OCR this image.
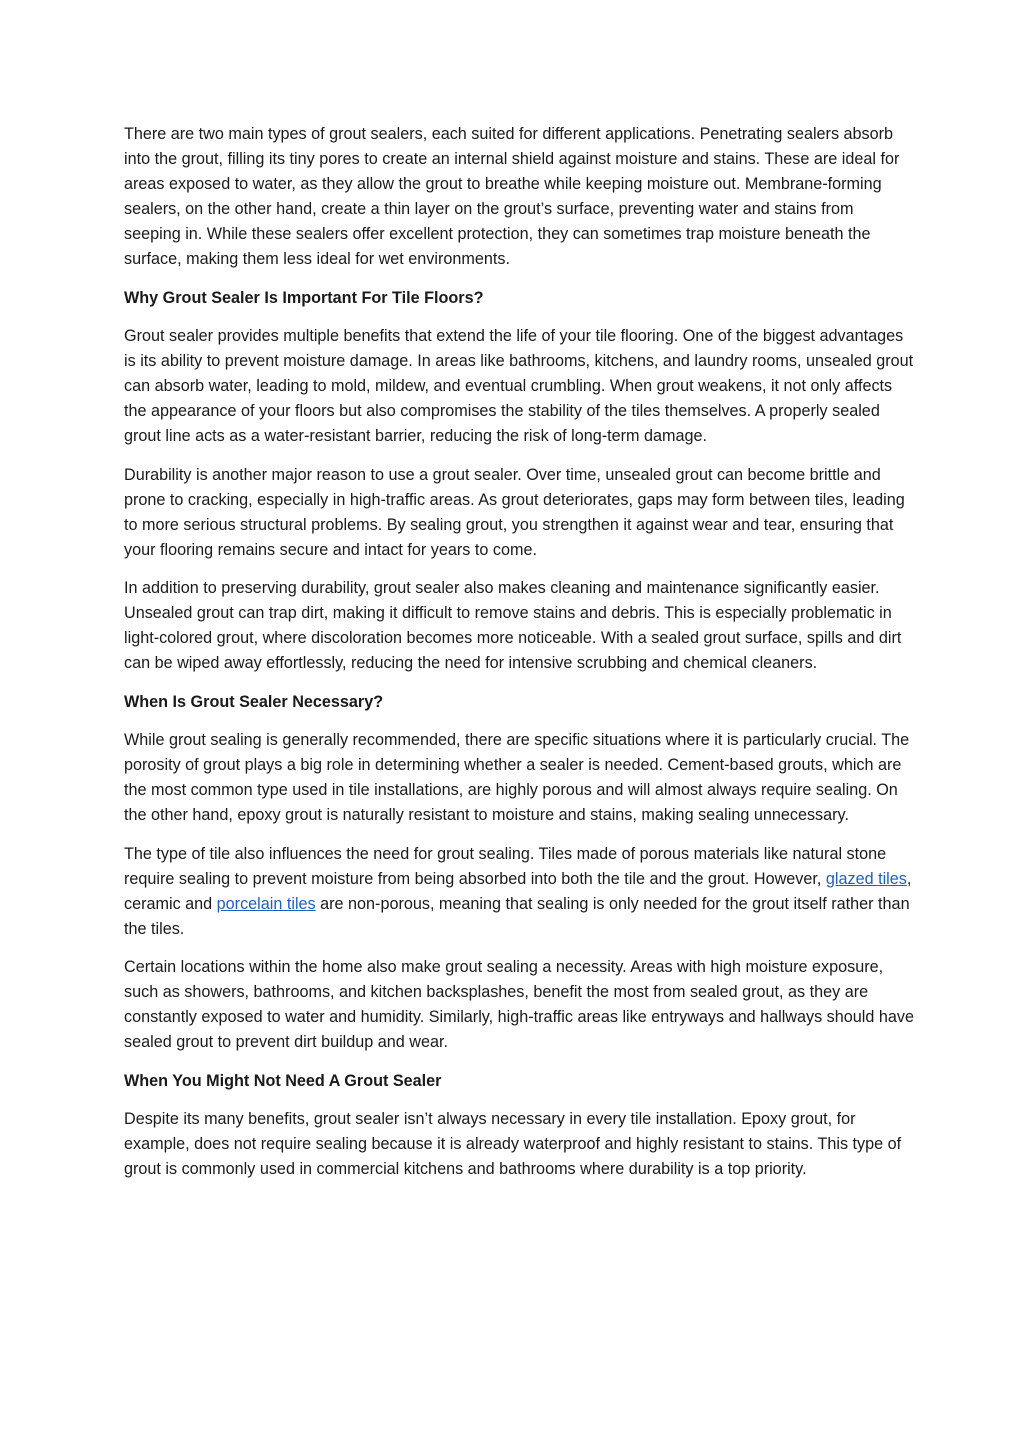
There are two main types of grout sealers, each suited for different applications. Penetrating sealers absorb into the grout, filling its tiny pores to create an internal shield against moisture and stains. These are ideal for areas exposed to water, as they allow the grout to breathe while keeping moisture out. Membrane-forming sealers, on the other hand, create a thin layer on the grout’s surface, preventing water and stains from seeping in. While these sealers offer excellent protection, they can sometimes trap moisture beneath the surface, making them less ideal for wet environments.

Why Grout Sealer Is Important For Tile Floors?

Grout sealer provides multiple benefits that extend the life of your tile flooring. One of the biggest advantages is its ability to prevent moisture damage. In areas like bathrooms, kitchens, and laundry rooms, unsealed grout can absorb water, leading to mold, mildew, and eventual crumbling. When grout weakens, it not only affects the appearance of your floors but also compromises the stability of the tiles themselves. A properly sealed grout line acts as a water-resistant barrier, reducing the risk of long-term damage.

Durability is another major reason to use a grout sealer. Over time, unsealed grout can become brittle and prone to cracking, especially in high-traffic areas. As grout deteriorates, gaps may form between tiles, leading to more serious structural problems. By sealing grout, you strengthen it against wear and tear, ensuring that your flooring remains secure and intact for years to come.

In addition to preserving durability, grout sealer also makes cleaning and maintenance significantly easier. Unsealed grout can trap dirt, making it difficult to remove stains and debris. This is especially problematic in light-colored grout, where discoloration becomes more noticeable. With a sealed grout surface, spills and dirt can be wiped away effortlessly, reducing the need for intensive scrubbing and chemical cleaners.

When Is Grout Sealer Necessary?

While grout sealing is generally recommended, there are specific situations where it is particularly crucial. The porosity of grout plays a big role in determining whether a sealer is needed. Cement-based grouts, which are the most common type used in tile installations, are highly porous and will almost always require sealing. On the other hand, epoxy grout is naturally resistant to moisture and stains, making sealing unnecessary.

The type of tile also influences the need for grout sealing. Tiles made of porous materials like natural stone require sealing to prevent moisture from being absorbed into both the tile and the grout. However, glazed tiles, ceramic and porcelain tiles are non-porous, meaning that sealing is only needed for the grout itself rather than the tiles.

Certain locations within the home also make grout sealing a necessity. Areas with high moisture exposure, such as showers, bathrooms, and kitchen backsplashes, benefit the most from sealed grout, as they are constantly exposed to water and humidity. Similarly, high-traffic areas like entryways and hallways should have sealed grout to prevent dirt buildup and wear.

When You Might Not Need A Grout Sealer

Despite its many benefits, grout sealer isn’t always necessary in every tile installation. Epoxy grout, for example, does not require sealing because it is already waterproof and highly resistant to stains. This type of grout is commonly used in commercial kitchens and bathrooms where durability is a top priority.
